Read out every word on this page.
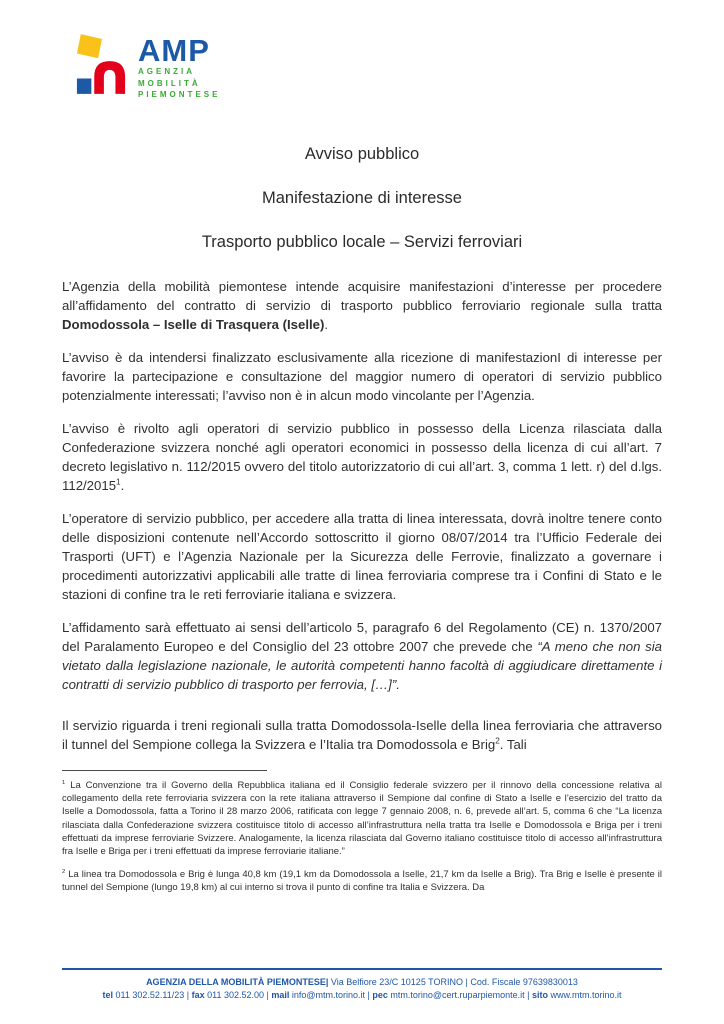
AMP
AGENZIA
MOBILITÀ
PIEMONTESE
Avviso pubblico
Manifestazione di interesse
Trasporto pubblico locale – Servizi ferroviari

L’Agenzia della mobilità piemontese intende acquisire manifestazioni d’interesse per procedere all’affidamento del contratto di servizio di trasporto pubblico ferroviario regionale sulla tratta Domodossola – Iselle di Trasquera (Iselle).

L’avviso è da intendersi finalizzato esclusivamente alla ricezione di manifestazionI di interesse per favorire la partecipazione e consultazione del maggior numero di operatori di servizio pubblico potenzialmente interessati; l’avviso non è in alcun modo vincolante per l’Agenzia.

L’avviso è rivolto agli operatori di servizio pubblico in possesso della Licenza rilasciata dalla Confederazione svizzera nonché agli operatori economici in possesso della licenza di cui all’art. 7 decreto legislativo n. 112/2015 ovvero del titolo autorizzatorio di cui all’art. 3, comma 1 lett. r) del d.lgs. 112/2015$^1$.

L’operatore di servizio pubblico, per accedere alla tratta di linea interessata, dovrà inoltre tenere conto delle disposizioni contenute nell’Accordo sottoscritto il giorno 08/07/2014 tra l’Ufficio Federale dei Trasporti (UFT) e l’Agenzia Nazionale per la Sicurezza delle Ferrovie, finalizzato a governare i procedimenti autorizzativi applicabili alle tratte di linea ferroviaria comprese tra i Confini di Stato e le stazioni di confine tra le reti ferroviarie italiana e svizzera.

L’affidamento sarà effettuato ai sensi dell’articolo 5, paragrafo 6 del Regolamento (CE) n. 1370/2007 del Paralamento Europeo e del Consiglio del 23 ottobre 2007 che prevede che “A meno che non sia vietato dalla legislazione nazionale, le autorità competenti hanno facoltà di aggiudicare direttamente i contratti di servizio pubblico di trasporto per ferrovia, […]”.

Il servizio riguarda i treni regionali sulla tratta Domodossola-Iselle della linea ferroviaria che attraverso il tunnel del Sempione collega la Svizzera e l’Italia tra Domodossola e Brig$^2$. Tali

$^1$ La Convenzione tra il Governo della Repubblica italiana ed il Consiglio federale svizzero per il rinnovo della concessione relativa al collegamento della rete ferroviaria svizzera con la rete italiana attraverso il Sempione dal confine di Stato a Iselle e l’esercizio del tratto da Iselle a Domodossola, fatta a Torino il 28 marzo 2006, ratificata con legge 7 gennaio 2008, n. 6, prevede all’art. 5, comma 6 che “La licenza rilasciata dalla Confederazione svizzera costituisce titolo di accesso all’infrastruttura nella tratta tra Iselle e Domodossola e Briga per i treni effettuati da imprese ferroviarie Svizzere. Analogamente, la licenza rilasciata dal Governo italiano costituisce titolo di accesso all’infrastruttura fra Iselle e Briga per i treni effettuati da imprese ferroviarie italiane.”

$^2$ La linea tra Domodossola e Brig è lunga 40,8 km (19,1 km da Domodossola a Iselle, 21,7 km da Iselle a Brig). Tra Brig e Iselle è presente il tunnel del Sempione (lungo 19,8 km) al cui interno si trova il punto di confine tra Italia e Svizzera. Da

AGENZIA DELLA MOBILITÀ PIEMONTESE| Via Belfiore 23/C 10125 TORINO | Cod. Fiscale 97639830013
tel 011 302.52.11/23 | fax 011 302.52.00 | mail info@mtm.torino.it | pec mtm.torino@cert.ruparpiemonte.it | sito www.mtm.torino.it
